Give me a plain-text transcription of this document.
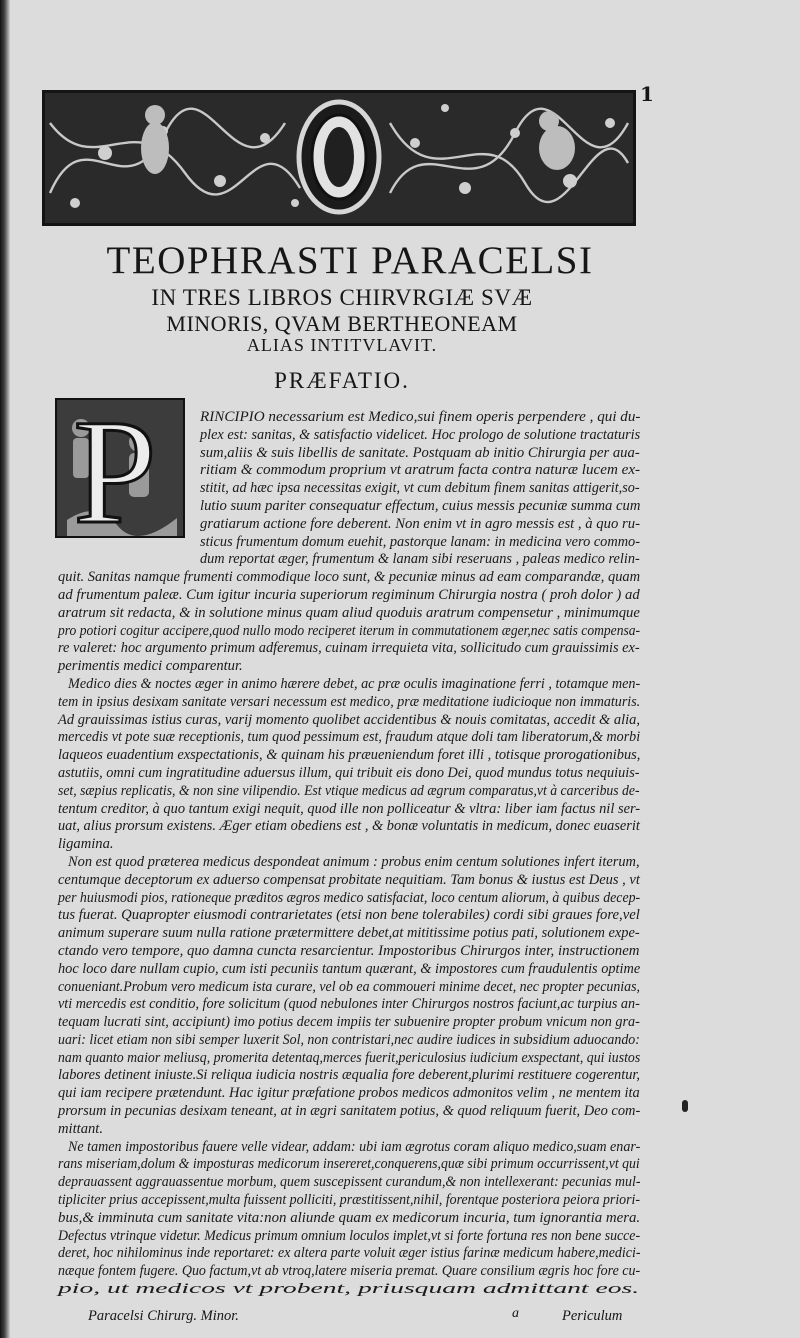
1
TEOPHRASTI PARACELSI
IN TRES LIBROS CHIRVRGIÆ SVÆ
MINORIS, QVAM BERTHEONEAM
ALIAS INTITVLAVIT.
PRÆFATIO.
P	RINCIPIO necessarium est Medico,sui finem operis perpendere , qui du-
plex est: sanitas, & satisfactio videlicet. Hoc prologo de solutione tractaturis
sum,aliis & suis libellis de sanitate. Postquam ab initio Chirurgia per aua-
ritiam & commodum proprium vt aratrum facta contra naturæ lucem ex-
stitit, ad hæc ipsa necessitas exigit, vt cum debitum finem sanitas attigerit,so-
lutio suum pariter consequatur effectum, cuius messis pecuniæ summa cum
gratiarum actione fore deberent. Non enim vt in agro messis est , à quo ru-
sticus frumentum domum euehit, pastorque lanam: in medicina vero commo-
dum reportat æger, frumentum & lanam sibi reseruans , paleas medico relin-
quit. Sanitas namque frumenti commodique loco sunt, & pecuniæ minus ad eam comparandæ, quam
ad frumentum paleæ. Cum igitur incuria superiorum regiminum Chirurgia nostra ( proh dolor ) ad
aratrum sit redacta, & in solutione minus quam aliud quoduis aratrum compensetur , minimumque
pro potiori cogitur accipere,quod nullo modo reciperet iterum in commutationem æger,nec satis compensa-
re valeret: hoc argumento primum adferemus, cuinam irrequieta vita, sollicitudo cum grauissimis ex-
perimentis medici comparentur.
Medico dies & noctes æger in animo hærere debet, ac præ oculis imaginatione ferri , totamque men-
tem in ipsius desixam sanitate versari necessum est medico, præ meditatione iudicioque non immaturis.
Ad grauissimas istius curas, varij momento quolibet accidentibus & nouis comitatas, accedit & alia,
mercedis vt pote suæ receptionis, tum quod pessimum est, fraudum atque doli tam liberatorum,& morbi
laqueos euadentium exspectationis, & quinam his præueniendum foret illi , totisque prorogationibus,
astutiis, omni cum ingratitudine aduersus illum, qui tribuit eis dono Dei, quod mundus totus nequiuis-
set, sæpius replicatis, & non sine vilipendio. Est vtique medicus ad ægrum comparatus,vt à carceribus de-
tentum creditor, à quo tantum exigi nequit, quod ille non polliceatur & vltra: liber iam factus nil ser-
uat, alius prorsum existens. Æger etiam obediens est , & bonæ voluntatis in medicum, donec euaserit
ligamina.
Non est quod præterea medicus despondeat animum : probus enim centum solutiones infert iterum,
centumque deceptorum ex aduerso compensat probitate nequitiam. Tam bonus & iustus est Deus , vt
per huiusmodi pios, rationeque præditos ægros medico satisfaciat, loco centum aliorum, à quibus decep-
tus fuerat. Quapropter eiusmodi contrarietates (etsi non bene tolerabiles) cordi sibi graues fore,vel
animum superare suum nulla ratione prætermittere debet,at mititissime potius pati, solutionem expe-
ctando vero tempore, quo damna cuncta resarcientur. Impostoribus Chirurgos inter, instructionem
hoc loco dare nullam cupio, cum isti pecuniis tantum quærant, & impostores cum fraudulentis optime
conueniant.Probum vero medicum ista curare, vel ob ea commoueri minime decet, nec propter pecunias,
vti mercedis est conditio, fore solicitum (quod nebulones inter Chirurgos nostros faciunt,ac turpius an-
tequam lucrati sint, accipiunt) imo potius decem impiis ter subuenire propter probum vnicum non gra-
uari: licet etiam non sibi semper luxerit Sol, non contristari,nec audire iudices in subsidium aduocando:
nam quanto maior meliusq, promerita detentaq,merces fuerit,periculosius iudicium exspectant, qui iustos
labores detinent iniuste.Si reliqua iudicia nostris æqualia fore deberent,plurimi restituere cogerentur,
qui iam recipere prætendunt. Hac igitur præfatione probos medicos admonitos velim , ne mentem ita
prorsum in pecunias desixam teneant, at in ægri sanitatem potius, & quod reliquum fuerit, Deo com-
mittant.
Ne tamen impostoribus fauere velle videar, addam: ubi iam ægrotus coram aliquo medico,suam enar-
rans miseriam,dolum & imposturas medicorum insereret,conquerens,quæ sibi primum occurrissent,vt qui
deprauassent aggrauassentue morbum, quem suscepissent curandum,& non intellexerant: pecunias mul-
tipliciter prius accepissent,multa fuissent polliciti, præstitissent,nihil, forentque posteriora peiora priori-
bus,& imminuta cum sanitate vita:non aliunde quam ex medicorum incuria, tum ignorantia mera.
Defectus vtrinque videtur. Medicus primum omnium loculos implet,vt si forte fortuna res non bene succe-
deret, hoc nihilominus inde reportaret: ex altera parte voluit æger istius farinæ medicum habere,medici-
næque fontem fugere. Quo factum,vt ab vtroq,latere miseria premat. Quare consilium ægris hoc fore cu-
pio, ut medicos vt probent, priusquam admittant eos.
Paracelsi Chirurg. Minor.	a	Periculum
